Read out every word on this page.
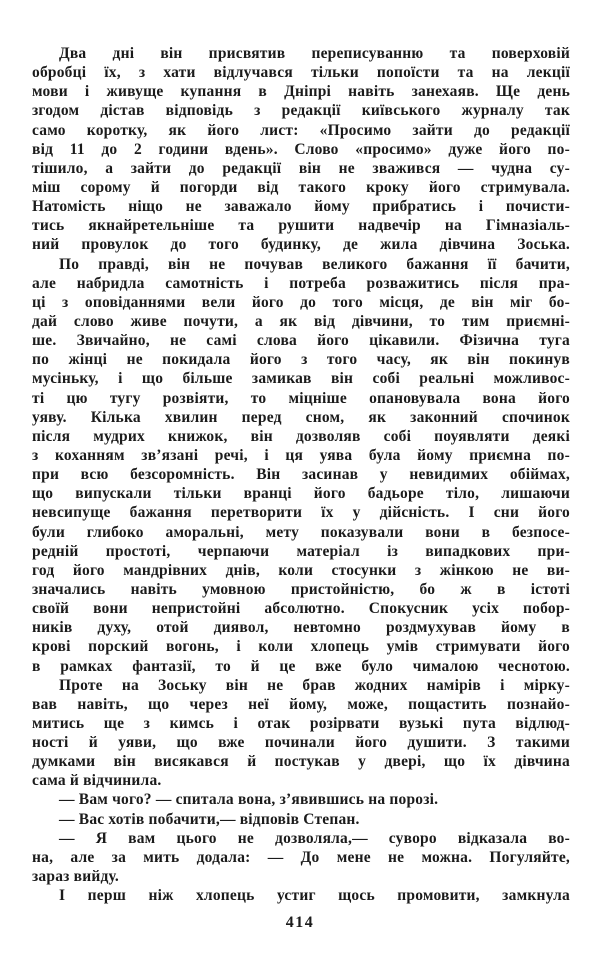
Два дні він присвятив переписуванню та поверховій
обробці їх, з хати відлучався тільки попоїсти та на лекції
мови і живуще купання в Дніпрі навіть занехаяв. Ще день
згодом дістав відповідь з редакції київського журналу так
само коротку, як його лист: «Просимо зайти до редакції
від 11 до 2 години вдень». Слово «просимо» дуже його по-
тішило, а зайти до редакції він не зважився — чудна су-
міш сорому й погорди від такого кроку його стримувала.
Натомість ніщо не заважало йому прибратись і почисти-
тись якнайретельніше та рушити надвечір на Гімназіаль-
ний провулок до того будинку, де жила дівчина Зоська.
По правді, він не почував великого бажання її бачити,
але набридла самотність і потреба розважитись після пра-
ці з оповіданнями вели його до того місця, де він міг бо-
дай слово живе почути, а як від дівчини, то тим приємні-
ше. Звичайно, не самі слова його цікавили. Фізична туга
по жінці не покидала його з того часу, як він покинув
мусіньку, і що більше замикав він собі реальні можливос-
ті цю тугу розвіяти, то міцніше опановувала вона його
уяву. Кілька хвилин перед сном, як законний спочинок
після мудрих книжок, він дозволяв собі поуявляти деякі
з коханням зв’язані речі, і ця уява була йому приємна по-
при всю безсоромність. Він засинав у невидимих обіймах,
що випускали тільки вранці його бадьоре тіло, лишаючи
невсипуще бажання перетворити їх у дійсність. І сни його
були глибоко аморальні, мету показували вони в безпосе-
редній простоті, черпаючи матеріал із випадкових при-
год його мандрівних днів, коли стосунки з жінкою не ви-
значались навіть умовною пристойністю, бо ж в істоті
своїй вони непристойні абсолютно. Спокусник усіх побор-
ників духу, отой диявол, невтомно роздмухував йому в
крові порский вогонь, і коли хлопець умів стримувати його
в рамках фантазії, то й це вже було чималою чеснотою.
Проте на Зоську він не брав жодних намірів і мірку-
вав навіть, що через неї йому, може, пощастить познайо-
митись ще з кимсь і отак розірвати вузькі пута відлюд-
ності й уяви, що вже починали його душити. З такими
думками він висякався й постукав у двері, що їх дівчина
сама й відчинила.
— Вам чого? — спитала вона, з’явившись на порозі.
— Вас хотів побачити,— відповів Степан.
— Я вам цього не дозволяла,— суворо відказала во-
на, але за мить додала: — До мене не можна. Погуляйте,
зараз вийду.
І перш ніж хлопець устиг щось промовити, замкнула
414
